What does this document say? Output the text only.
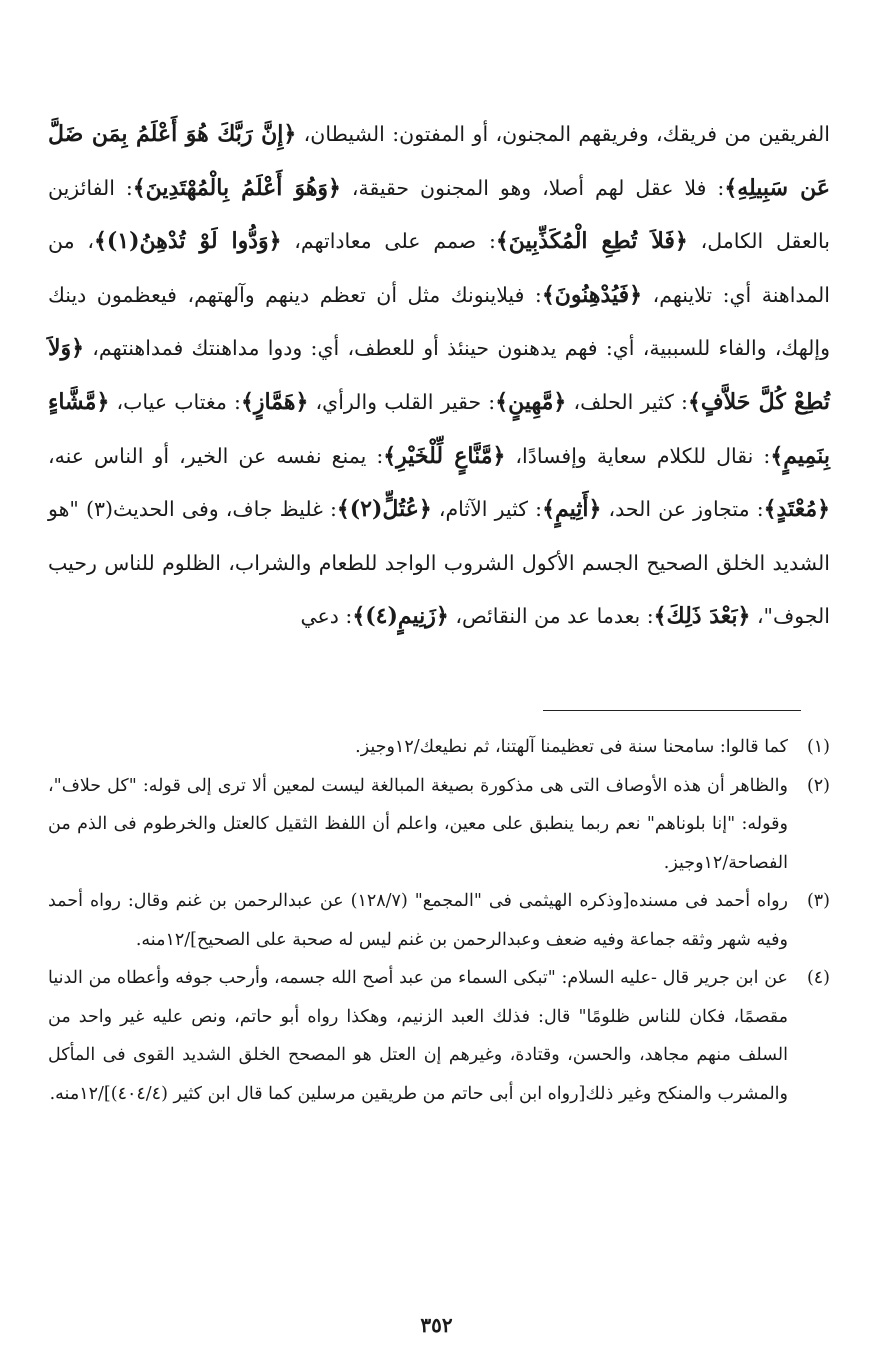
الفريقين من فريقك، وفريقهم المجنون، أو المفتون: الشيطان، ﴿إِنَّ رَبَّكَ هُوَ أَعْلَمُ بِمَن ضَلَّ عَن سَبِيلِهِ﴾: فلا عقل لهم أصلا، وهو المجنون حقيقة، ﴿وَهُوَ أَعْلَمُ بِالْمُهْتَدِينَ﴾: الفائزين بالعقل الكامل، ﴿فَلاَ تُطِعِ الْمُكَذِّبِينَ﴾: صمم على معاداتهم، ﴿وَدُّوا لَوْ تُدْهِنُ(١)﴾، من المداهنة أي: تلاينهم، ﴿فَيُدْهِنُونَ﴾: فيلاينونك مثل أن تعظم دينهم وآلهتهم، فيعظمون دينك وإلهك، والفاء للسببية، أي: فهم يدهنون حينئذ أو للعطف، أي: ودوا مداهنتك فمداهنتهم، ﴿وَلاَ تُطِعْ كُلَّ حَلاَّفٍ﴾: كثير الحلف، ﴿مَّهِينٍ﴾: حقير القلب والرأي، ﴿هَمَّازٍ﴾: مغتاب عياب، ﴿مَّشَّاءٍ بِنَمِيمٍ﴾: نقال للكلام سعاية وإفسادًا، ﴿مَّنَّاعٍ لِّلْخَيْرِ﴾: يمنع نفسه عن الخير، أو الناس عنه، ﴿مُعْتَدٍ﴾: متجاوز عن الحد، ﴿أَثِيمٍ﴾: كثير الآثام، ﴿عُتُلٍّ(٢)﴾: غليظ جاف، وفى الحديث(٣) "هو الشديد الخلق الصحيح الجسم الأكول الشروب الواجد للطعام والشراب، الظلوم للناس رحيب الجوف"، ﴿بَعْدَ ذَلِكَ﴾: بعدما عد من النقائص، ﴿زَنِيمٍ(٤)﴾: دعي

(١)
كما قالوا: سامحنا سنة فى تعظيمنا آلهتنا، ثم نطيعك/١٢وجيز.
(٢)
والظاهر أن هذه الأوصاف التى هى مذكورة بصيغة المبالغة ليست لمعين ألا ترى إلى قوله: "كل حلاف"، وقوله: "إنا بلوناهم" نعم ربما ينطبق على معين، واعلم أن اللفظ الثقيل كالعتل والخرطوم فى الذم من الفصاحة/١٢وجيز.
(٣)
رواه أحمد فى مسنده[وذكره الهيثمى فى "المجمع" (١٢٨/٧) عن عبدالرحمن بن غنم وقال: رواه أحمد وفيه شهر وثقه جماعة وفيه ضعف وعبدالرحمن بن غنم ليس له صحبة على الصحيح]/١٢منه.
(٤)
عن ابن جرير قال -عليه السلام: "تبكى السماء من عبد أصح الله جسمه، وأرحب جوفه وأعطاه من الدنيا مقصمًا، فكان للناس ظلومًا" قال: فذلك العبد الزنيم، وهكذا رواه أبو حاتم، ونص عليه غير واحد من السلف منهم مجاهد، والحسن، وقتادة، وغيرهم إن العتل هو المصحح الخلق الشديد القوى فى المأكل والمشرب والمنكح وغير ذلك[رواه ابن أبى حاتم من طريقين مرسلين كما قال ابن كثير (٤٠٤/٤)]/١٢منه.
٣٥٢
